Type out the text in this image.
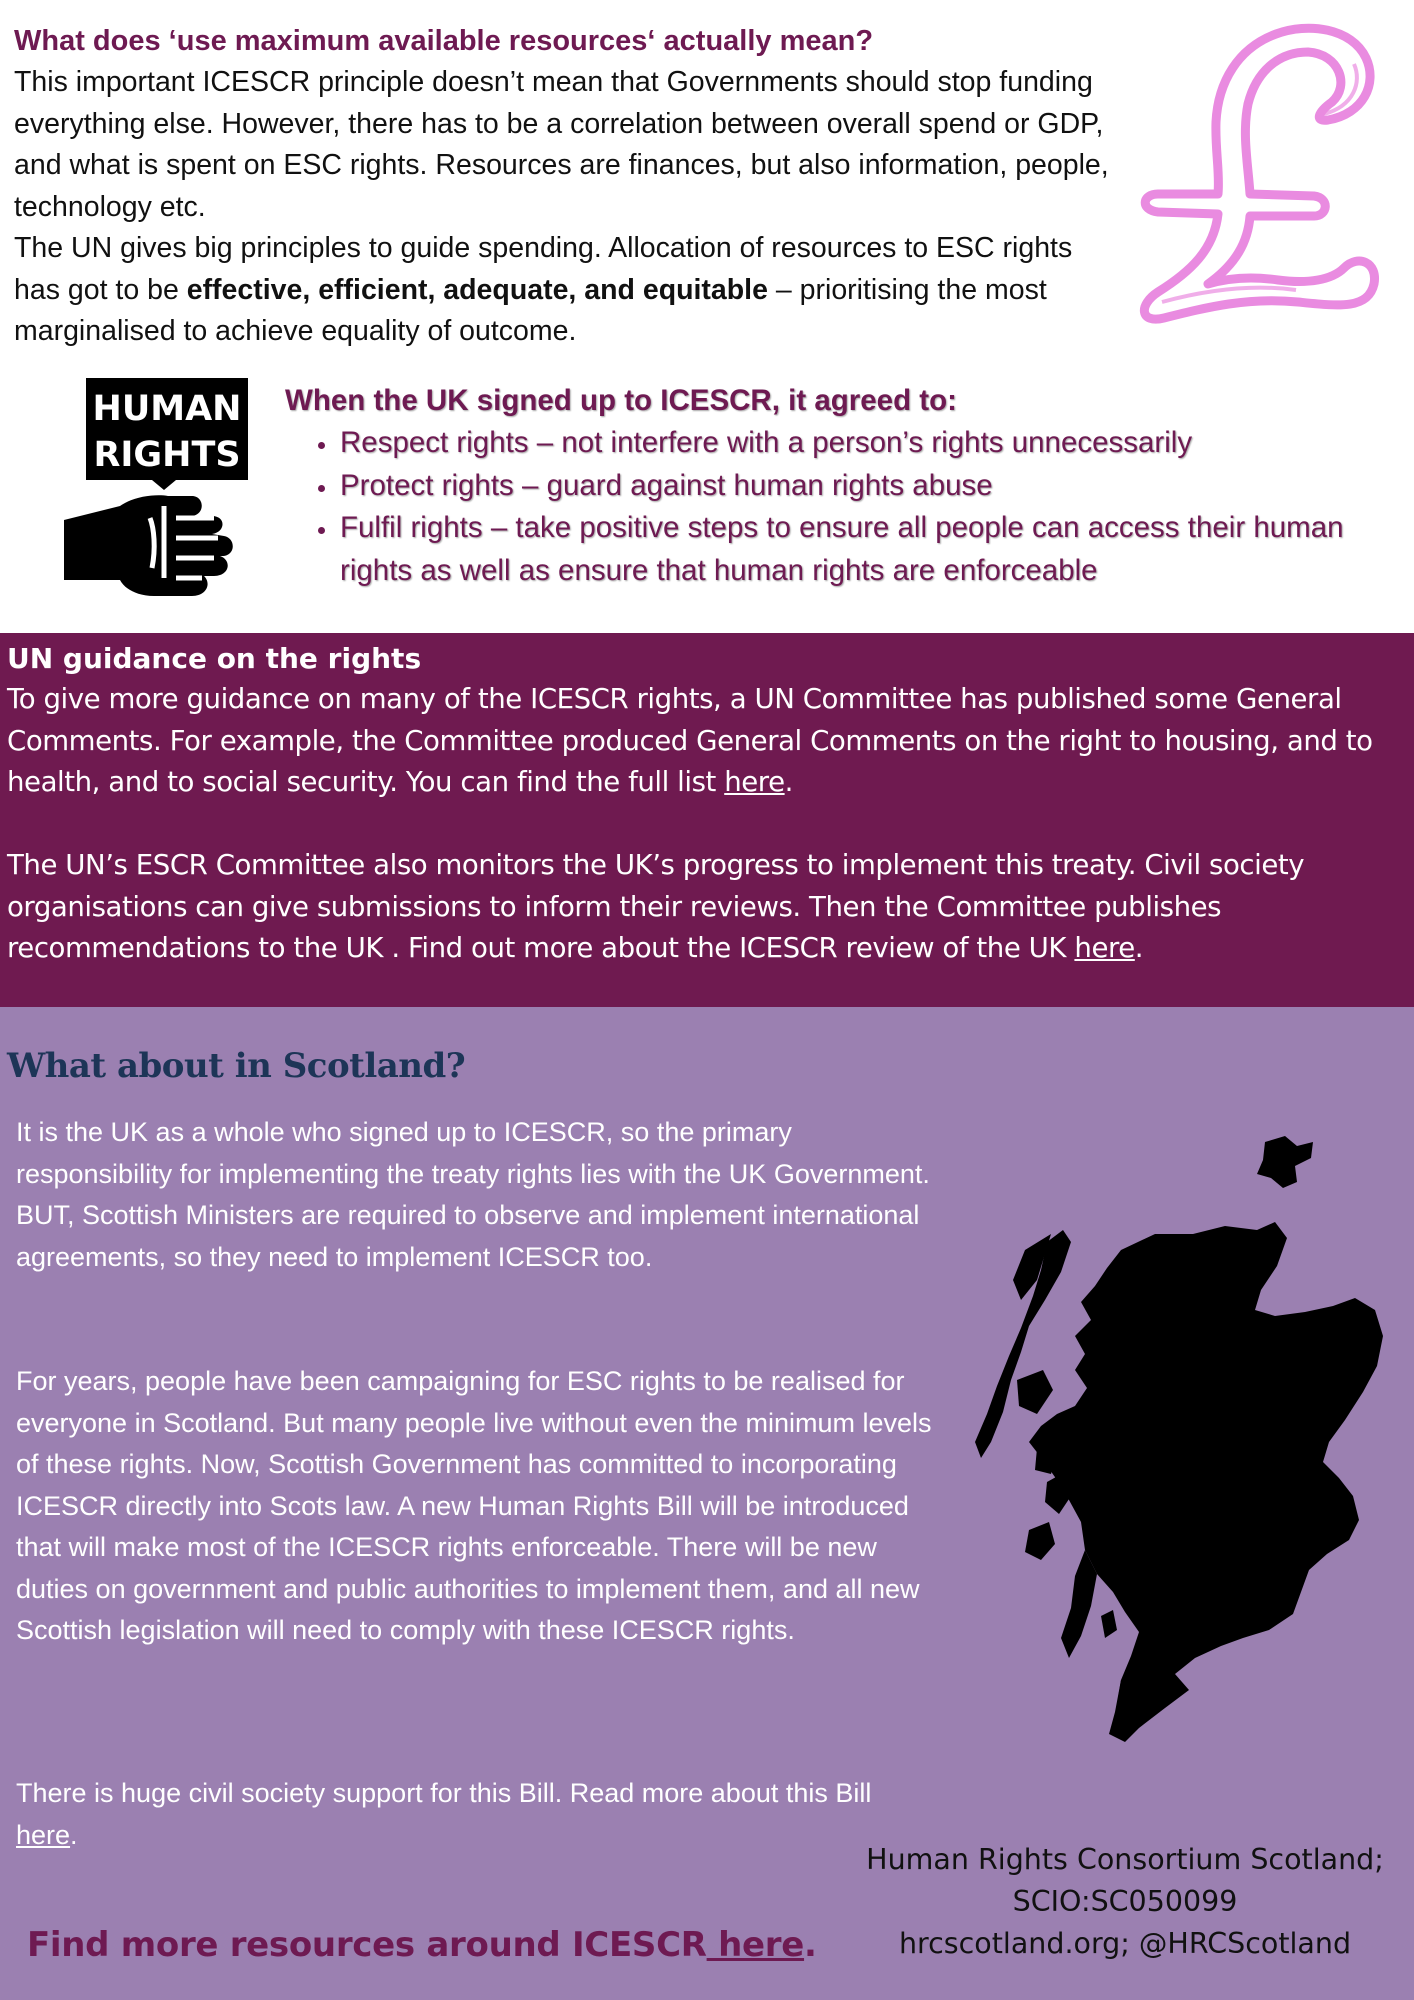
What does ‘use maximum available resources‘ actually mean?

This important ICESCR principle doesn’t mean that Governments should stop funding everything else. However, there has to be a correlation between overall spend or GDP, and what is spent on ESC rights. Resources are finances, but also information, people, technology etc.

The UN gives big principles to guide spending. Allocation of resources to ESC rights has got to be effective, efficient, adequate, and equitable – prioritising the most marginalised to achieve equality of outcome.

HUMAN
RIGHTS
When the UK signed up to ICESCR, it agreed to:
• Respect rights – not interfere with a person’s rights unnecessarily
• Protect rights – guard against human rights abuse
• Fulfil rights – take positive steps to ensure all people can access their human rights as well as ensure that human rights are enforceable
UN guidance on the rights

To give more guidance on many of the ICESCR rights, a UN Committee has published some General Comments. For example, the Committee produced General Comments on the right to housing, and to health, and to social security. You can find the full list here.

The UN’s ESCR Committee also monitors the UK’s progress to implement this treaty. Civil society organisations can give submissions to inform their reviews. Then the Committee publishes recommendations to the UK . Find out more about the ICESCR review of the UK here.

What about in Scotland?

It is the UK as a whole who signed up to ICESCR, so the primary responsibility for implementing the treaty rights lies with the UK Government. BUT, Scottish Ministers are required to observe and implement international agreements, so they need to implement ICESCR too.

For years, people have been campaigning for ESC rights to be realised for everyone in Scotland. But many people live without even the minimum levels of these rights. Now, Scottish Government has committed to incorporating ICESCR directly into Scots law. A new Human Rights Bill will be introduced that will make most of the ICESCR rights enforceable. There will be new duties on government and public authorities to implement them, and all new Scottish legislation will need to comply with these ICESCR rights.

There is huge civil society support for this Bill. Read more about this Bill here.

Human Rights Consortium Scotland;
SCIO:SC050099
hrcscotland.org; @HRCScotland
Find more resources around ICESCR here.
